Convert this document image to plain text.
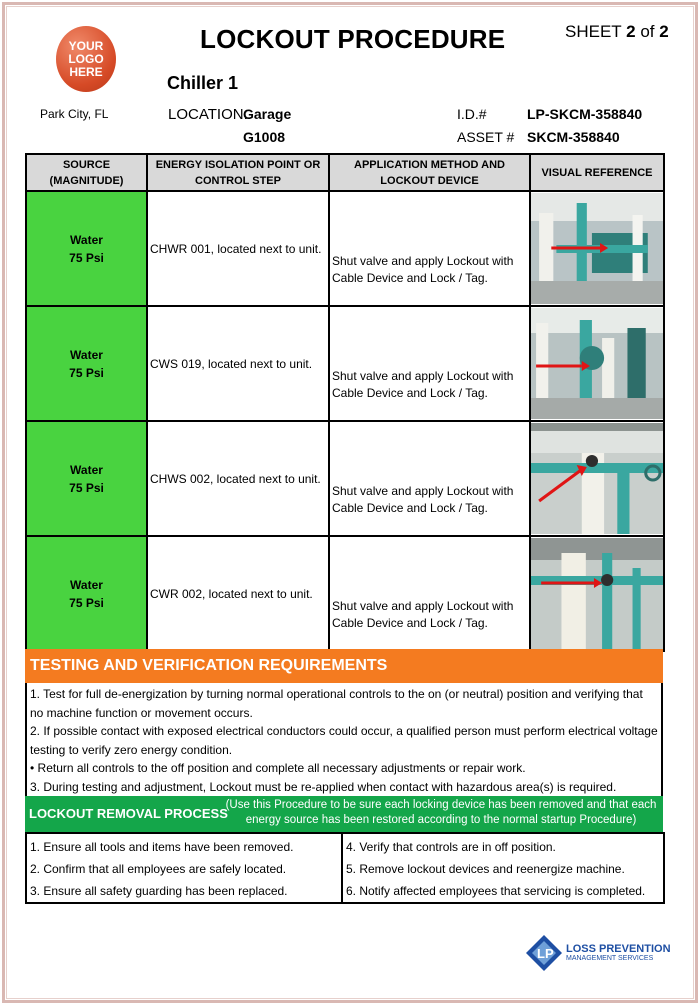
YOUR LOGO HERE
Park City, FL
LOCKOUT PROCEDURE	SHEET 2 of 2
Chiller 1
LOCATION:
Garage
G1008
I.D.#	LP-SKCM-358840
ASSET # SKCM-358840
SOURCE (MAGNITUDE)	ENERGY ISOLATION POINT OR CONTROL STEP	APPLICATION METHOD AND LOCKOUT DEVICE	VISUAL REFERENCE

Water
75 Psi	CHWR 001, located next to unit.	Shut valve and apply Lockout with Cable Device and Lock / Tag.	

Water
75 Psi	CWS 019, located next to unit.	Shut valve and apply Lockout with Cable Device and Lock / Tag.	

Water
75 Psi	CHWS 002, located next to unit.	Shut valve and apply Lockout with Cable Device and Lock / Tag.	

Water
75 Psi	CWR 002, located next to unit.	Shut valve and apply Lockout with Cable Device and Lock / Tag.	
TESTING AND VERIFICATION REQUIREMENTS
1. Test for full de-energization by turning normal operational controls to the on (or neutral) position and verifying that no machine function or movement occurs.
2. If possible contact with exposed electrical conductors could occur, a qualified person must perform electrical voltage testing to verify zero energy condition.
• Return all controls to the off position and complete all necessary adjustments or repair work.
3. During testing and adjustment, Lockout must be re-applied when contact with hazardous area(s) is required.
LOCKOUT REMOVAL PROCESS
(Use this Procedure to be sure each locking device has been removed and that each energy source has been restored according to the normal startup Procedure)
1. Ensure all tools and items have been removed.
2. Confirm that all employees are safely located.
3. Ensure all safety guarding has been replaced.

4. Verify that controls are in off position.
5. Remove lockout devices and reenergize machine.
6. Notify affected employees that servicing is completed.
LP LOSS PREVENTION
MANAGEMENT SERVICES
